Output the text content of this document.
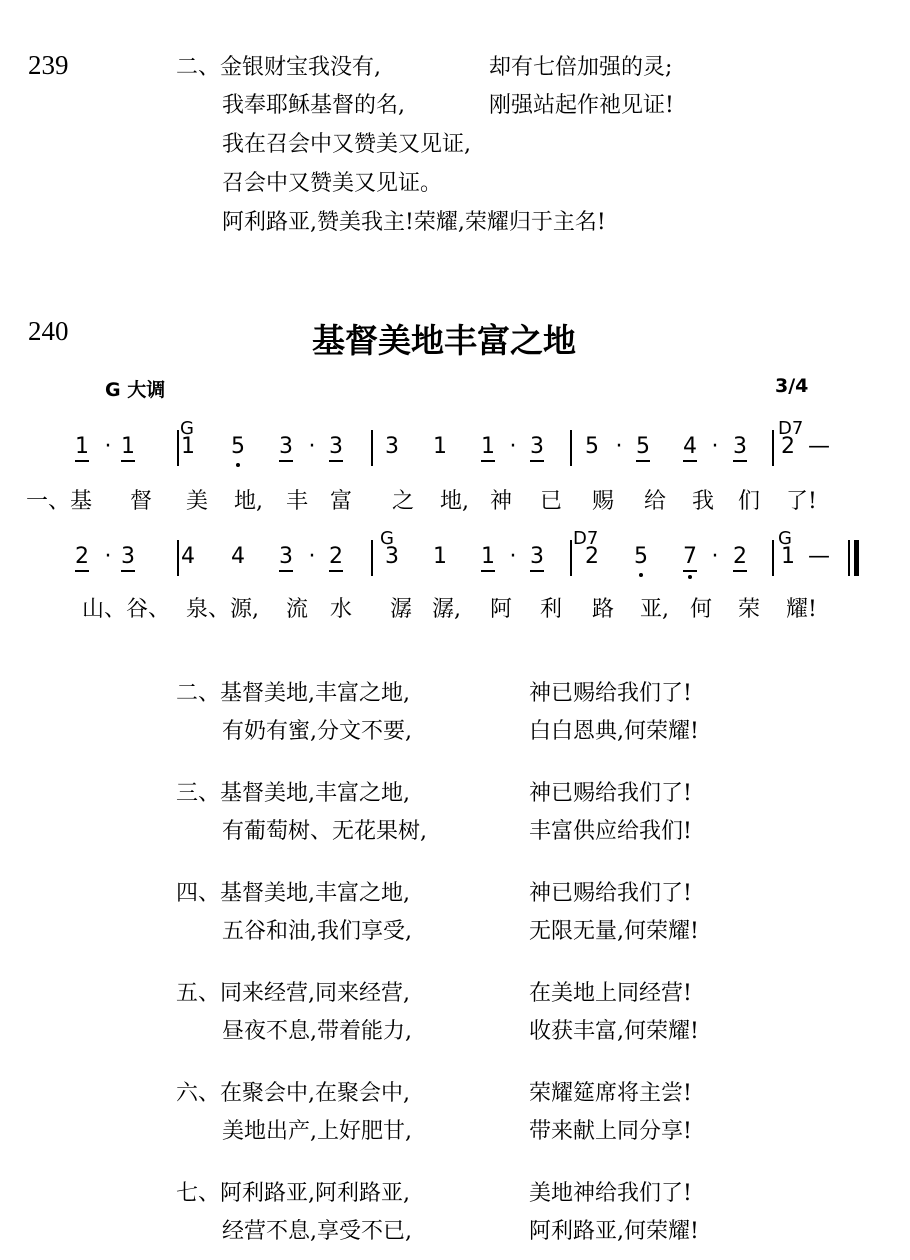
239	二、金银财宝我没有,	却有七倍加强的灵;
我奉耶稣基督的名,	刚强站起作祂见证!
我在召会中又赞美又见证,
召会中又赞美又见证。
阿利路亚,赞美我主!荣耀,荣耀归于主名!
240	基督美地丰富之地
G 大调	3/4
G	D7
1 · 1 1 5 3 · 3 3 1 1 · 3 5 · 5 4 · 3 2 —
一、基 督 美 地, 丰 富 之 地, 神 已 赐 给 我 们 了!
G	D7	G
2 · 3 4 4 3 · 2 3 1 1 · 3 2 5 7 · 2 1 —
山、谷、 泉、源, 流 水 潺 潺, 阿 利 路 亚, 何 荣 耀!
二、基督美地,丰富之地,	神已赐给我们了!
有奶有蜜,分文不要,	白白恩典,何荣耀!
三、基督美地,丰富之地,	神已赐给我们了!
有葡萄树、无花果树,	丰富供应给我们!
四、基督美地,丰富之地,	神已赐给我们了!
五谷和油,我们享受,	无限无量,何荣耀!
五、同来经营,同来经营,	在美地上同经营!
昼夜不息,带着能力,	收获丰富,何荣耀!
六、在聚会中,在聚会中,	荣耀筵席将主尝!
美地出产,上好肥甘,	带来献上同分享!
七、阿利路亚,阿利路亚,	美地神给我们了!
经营不息,享受不已,	阿利路亚,何荣耀!
